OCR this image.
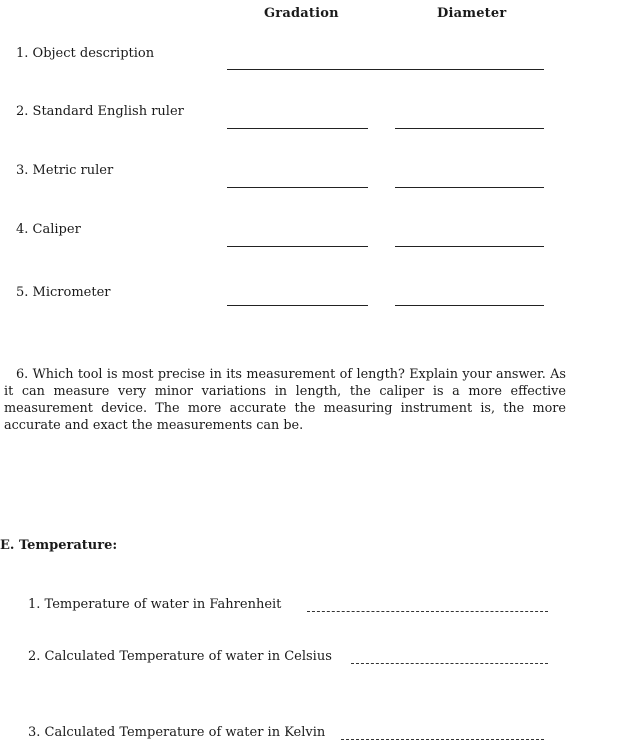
Gradation	Diameter
1. Object description
2. Standard English ruler
3. Metric ruler
4. Caliper
5. Micrometer
6. Which tool is most precise in its measurement of length? Explain your answer. As it can measure very minor variations in length, the caliper is a more effective measurement device. The more accurate the measuring instrument is, the more accurate and exact the measurements can be.
E. Temperature:
1. Temperature of water in Fahrenheit
2. Calculated Temperature of water in Celsius
3. Calculated Temperature of water in Kelvin
